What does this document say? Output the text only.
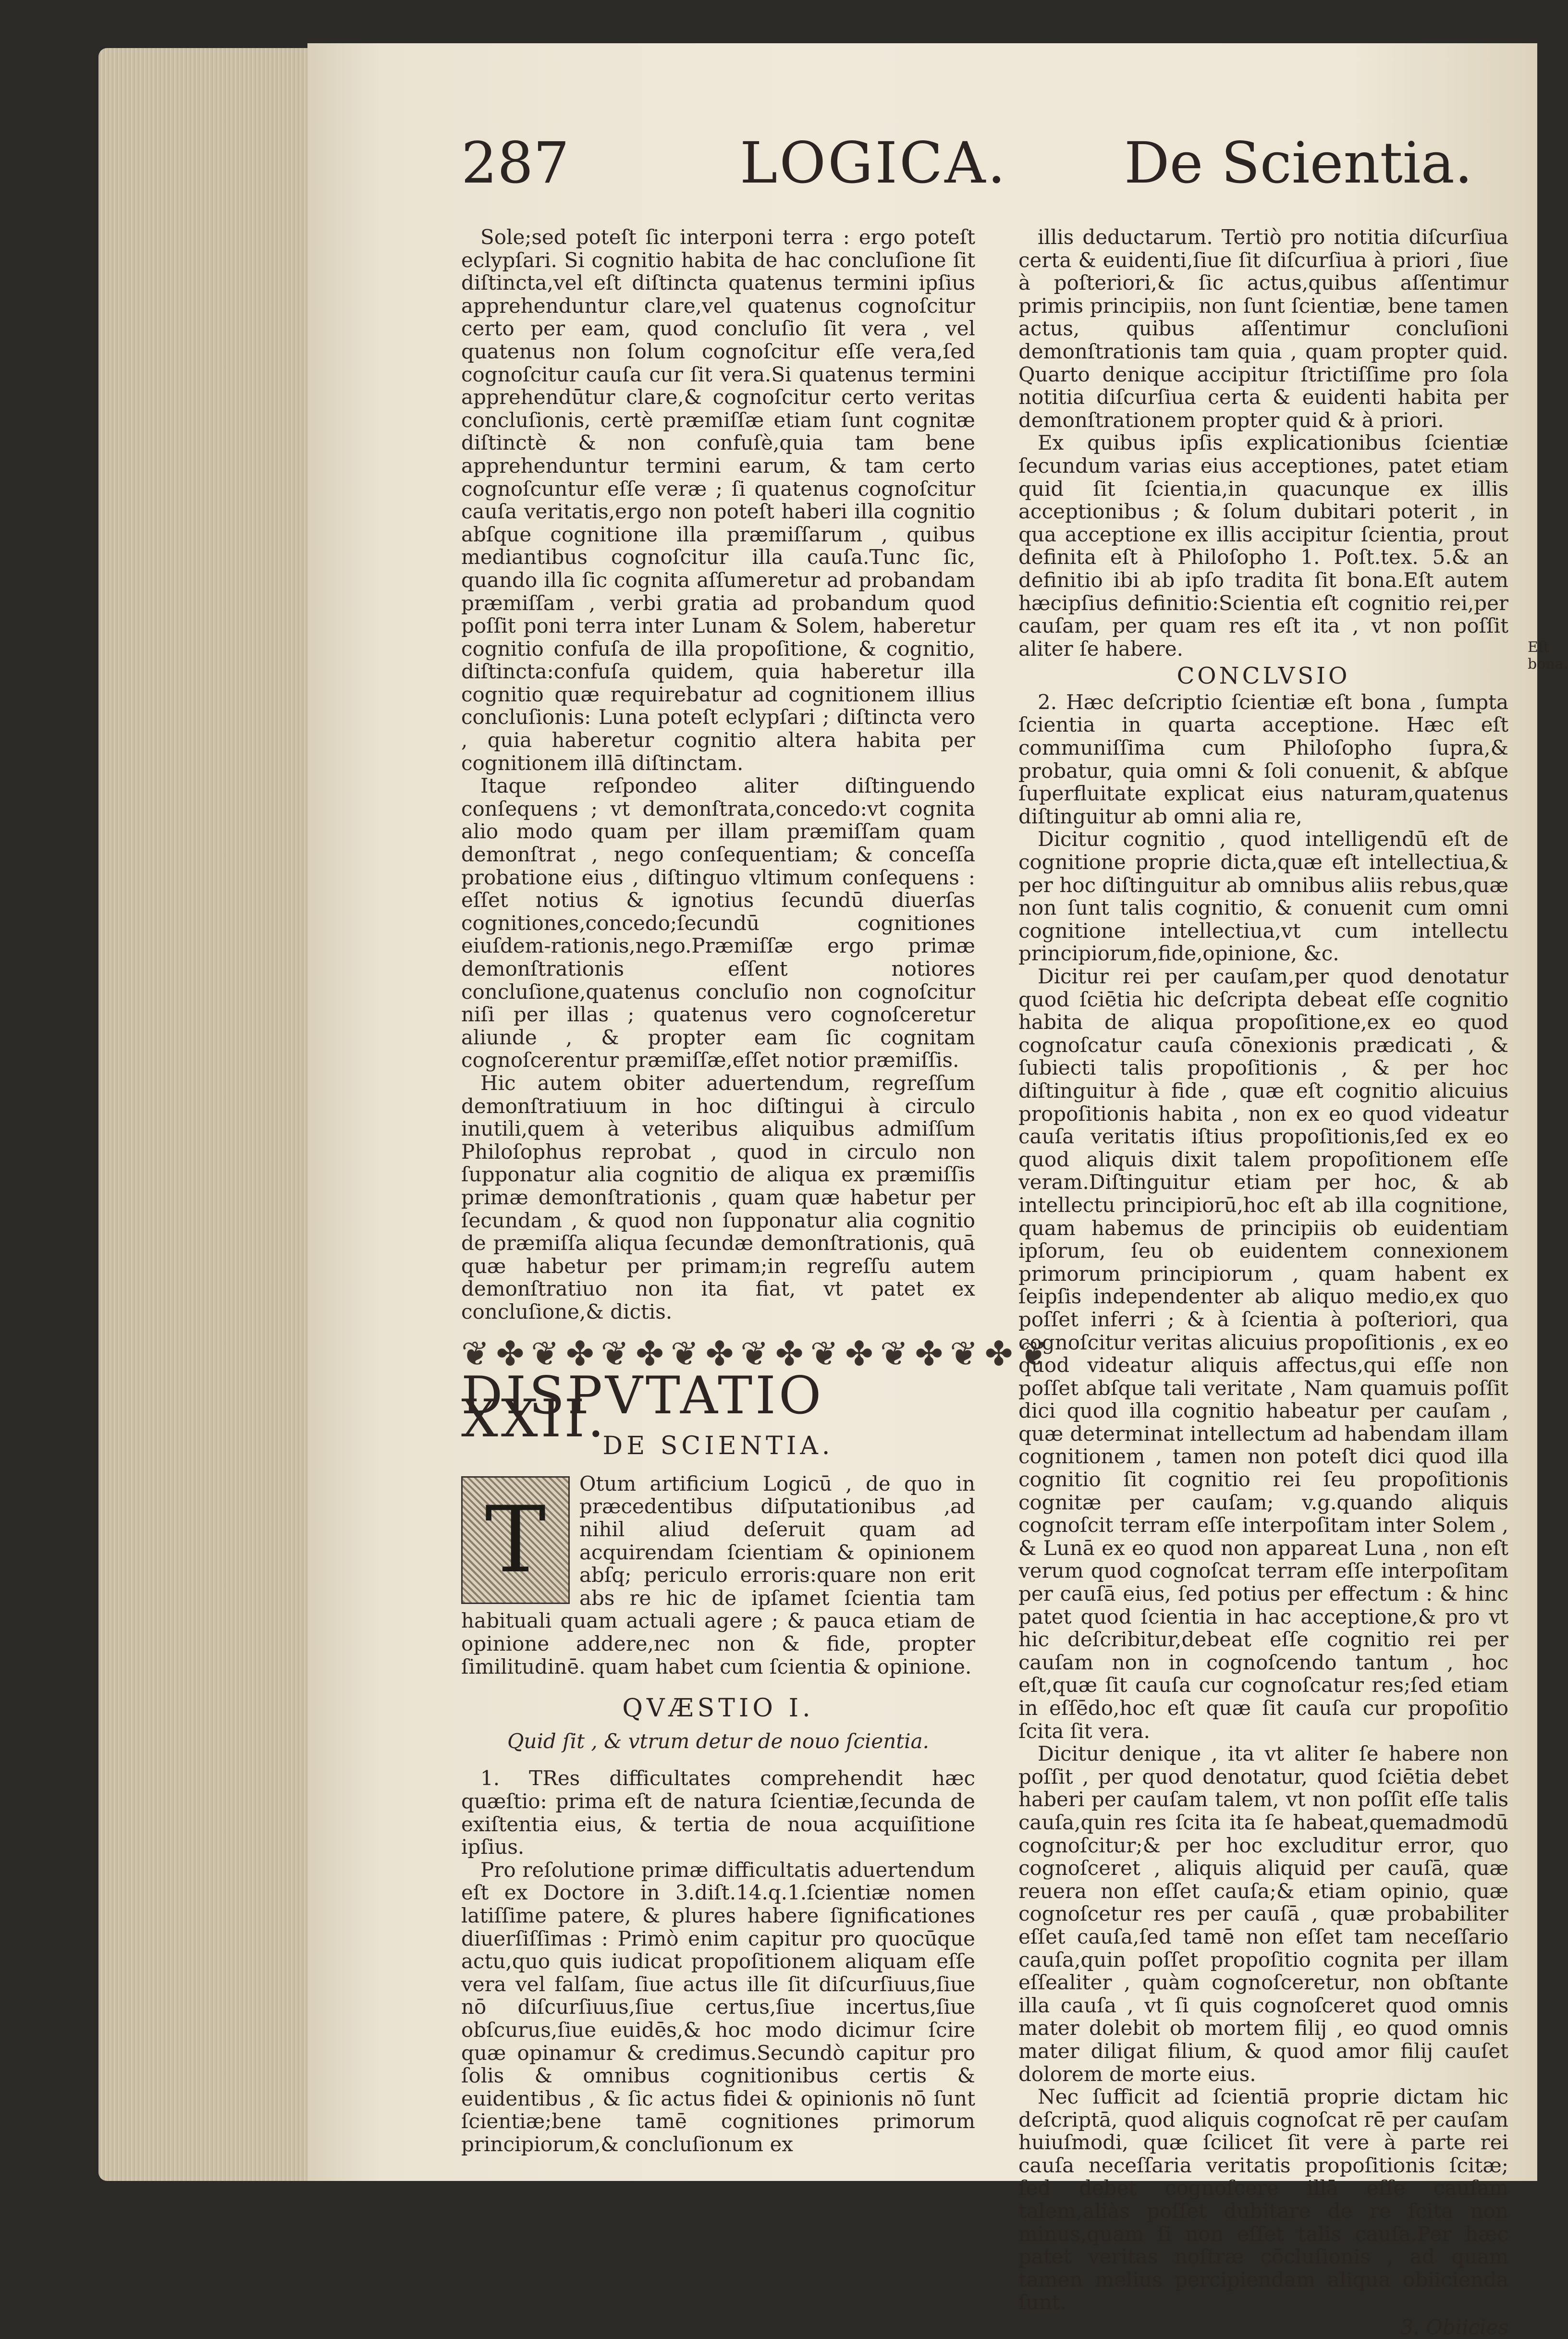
287	LOGICA. De Scientia.

Sole;sed poteſt ſic interponi terra : ergo poteſt eclypſari. Si cognitio habita de hac concluſione ſit diſtincta,vel eſt diſtincta quatenus termini ipſius apprehenduntur clare,vel quatenus cognoſcitur certo per eam, quod concluſio ſit vera , vel quatenus non ſolum cognoſcitur eſſe vera,ſed cognoſcitur cauſa cur ſit vera.Si quatenus termini apprehendūtur clare,& cognoſcitur certo veritas concluſionis, certè præmiſſæ etiam ſunt cognitæ diſtinctè & non confuſè,quia tam bene apprehenduntur termini earum, & tam certo cognoſcuntur eſſe veræ ; ſi quatenus cognoſcitur cauſa veritatis,ergo non poteſt haberi illa cognitio abſque cognitione illa præmiſſarum , quibus mediantibus cognoſcitur illa cauſa.Tunc ſic, quando illa ſic cognita aſſumeretur ad probandam præmiſſam , verbi gratia ad probandum quod poſſit poni terra inter Lunam & Solem, haberetur cognitio confuſa de illa propoſitione, & cognitio, diſtincta:confuſa quidem, quia haberetur illa cognitio quæ requirebatur ad cognitionem illius concluſionis: Luna poteſt eclypſari ; diſtincta vero , quia haberetur cognitio altera habita per cognitionem illā diſtinctam.

Itaque reſpondeo aliter diſtinguendo conſequens ; vt demonſtrata,concedo:vt cognita alio modo quam per illam præmiſſam quam demonſtrat , nego conſequentiam; & conceſſa probatione eius , diſtinguo vltimum conſequens : eſſet notius & ignotius ſecundū diuerſas cognitiones,concedo;ſecundū cognitiones eiuſdem-rationis,nego.Præmiſſæ ergo primæ demonſtrationis eſſent notiores concluſione,quatenus concluſio non cognoſcitur niſi per illas ; quatenus vero cognoſceretur aliunde , & propter eam ſic cognitam cognoſcerentur præmiſſæ,eſſet notior præmiſſis.

Hic autem obiter aduertendum, regreſſum demonſtratiuum in hoc diſtingui à circulo inutili,quem à veteribus aliquibus admiſſum Philoſophus reprobat , quod in circulo non ſupponatur alia cognitio de aliqua ex præmiſſis primæ demonſtrationis , quam quæ habetur per ſecundam , & quod non ſupponatur alia cognitio de præmiſſa aliqua ſecundæ demonſtrationis, quā quæ habetur per primam;in regreſſu autem demonſtratiuo non ita fiat, vt patet ex concluſione,& dictis.

❦✤❦✤❦✤❦✤❦✤❦✤❦✤❦✤❦
DISPVTATIO XXII.
DE SCIENTIA.
T
Otum artificium Logicū , de quo in præcedentibus diſputationibus ,ad nihil aliud deſeruit quam ad acquirendam ſcientiam & opinionem abſq; periculo erroris:quare non erit abs re hic de ipſamet ſcientia tam habituali quam actuali agere ; & pauca etiam de opinione addere,nec non & fide, propter ſimilitudinē. quam habet cum ſcientia & opinione.
QVÆSTIO I.
Quid ſit , & vtrum detur de nouo ſcientia.

1. TRes difficultates comprehendit hæc quæſtio: prima eſt de natura ſcientiæ,ſecunda de exiſtentia eius, & tertia de noua acquiſitione ipſius.

Pro reſolutione primæ difficultatis aduertendum eſt ex Doctore in 3.diſt.14.q.1.ſcientiæ nomen latiſſime patere, & plures habere ſignificationes diuerſiſſimas : Primò enim capitur pro quocūque actu,quo quis iudicat propoſitionem aliquam eſſe vera vel falſam, ſiue actus ille ſit diſcurſiuus,ſiue nō diſcurſiuus,ſiue certus,ſiue incertus,ſiue obſcurus,ſiue euidēs,& hoc modo dicimur ſcire quæ opinamur & credimus.Secundò capitur pro ſolis & omnibus cognitionibus certis & euidentibus , & ſic actus fidei & opinionis nō ſunt ſcientiæ;bene tamē cognitiones primorum principiorum,& concluſionum ex

illis deductarum. Tertiò pro notitia diſcurſiua certa & euidenti,ſiue ſit diſcurſiua à priori , ſiue à poſteriori,& ſic actus,quibus aſſentimur primis principiis, non ſunt ſcientiæ, bene tamen actus, quibus aſſentimur concluſioni demonſtrationis tam quia , quam propter quid. Quarto denique accipitur ſtrictiſſime pro ſola notitia diſcurſiua certa & euidenti habita per demonſtrationem propter quid & à priori.

Ex quibus ipſis explicationibus ſcientiæ ſecundum varias eius acceptiones, patet etiam quid ſit ſcientia,in quacunque ex illis acceptionibus ; & ſolum dubitari poterit , in qua acceptione ex illis accipitur ſcientia, prout definita eſt à Philoſopho 1. Poſt.tex. 5.& an definitio ibi ab ipſo tradita ſit bona.Eſt autem hæcipſius definitio:Scientia eſt cognitio rei,per cauſam, per quam res eſt ita , vt non poſſit aliter ſe habere.

CONCLVSIO

2. Hæc deſcriptio ſcientiæ eſt bona , ſumpta ſcientia in quarta acceptione. Hæc eſt communiſſima cum Philoſopho ſupra,& probatur, quia omni & ſoli conuenit, & abſque ſuperfluitate explicat eius naturam,quatenus diſtinguitur ab omni alia re,

Dicitur cognitio , quod intelligendū eſt de cognitione proprie dicta,quæ eſt intellectiua,& per hoc diſtinguitur ab omnibus aliis rebus,quæ non ſunt talis cognitio, & conuenit cum omni cognitione intellectiua,vt cum intellectu principiorum,fide,opinione, &c.

Dicitur rei per cauſam,per quod denotatur quod ſciētia hic deſcripta debeat eſſe cognitio habita de aliqua propoſitione,ex eo quod cognoſcatur cauſa cōnexionis prædicati , & ſubiecti talis propoſitionis , & per hoc diſtinguitur à fide , quæ eſt cognitio alicuius propoſitionis habita , non ex eo quod videatur cauſa veritatis iſtius propoſitionis,ſed ex eo quod aliquis dixit talem propoſitionem eſſe veram.Diſtinguitur etiam per hoc, & ab intellectu principiorū,hoc eſt ab illa cognitione, quam habemus de principiis ob euidentiam ipſorum, ſeu ob euidentem connexionem primorum principiorum , quam habent ex ſeipſis independenter ab aliquo medio,ex quo poſſet inferri ; & à ſcientia à poſteriori, qua cognoſcitur veritas alicuius propoſitionis , ex eo quod videatur aliquis affectus,qui eſſe non poſſet abſque tali veritate , Nam quamuis poſſit dici quod illa cognitio habeatur per cauſam , quæ determinat intellectum ad habendam illam cognitionem , tamen non poteſt dici quod illa cognitio ſit cognitio rei ſeu propoſitionis cognitæ per cauſam; v.g.quando aliquis cognoſcit terram eſſe interpoſitam inter Solem , & Lunā ex eo quod non appareat Luna , non eſt verum quod cognoſcat terram eſſe interpoſitam per cauſā eius, ſed potius per effectum : & hinc patet quod ſcientia in hac acceptione,& pro vt hic deſcribitur,debeat eſſe cognitio rei per cauſam non in cognoſcendo tantum , hoc eſt,quæ ſit cauſa cur cognoſcatur res;ſed etiam in eſſēdo,hoc eſt quæ ſit cauſa cur propoſitio ſcita ſit vera.

Dicitur denique , ita vt aliter ſe habere non poſſit , per quod denotatur, quod ſciētia debet haberi per cauſam talem, vt non poſſit eſſe talis cauſa,quin res ſcita ita ſe habeat,quemadmodū cognoſcitur;& per hoc excluditur error, quo cognoſceret , aliquis aliquid per cauſā, quæ reuera non eſſet cauſa;& etiam opinio, quæ cognoſcetur res per cauſā , quæ probabiliter eſſet cauſa,ſed tamē non eſſet tam neceſſario cauſa,quin poſſet propoſitio cognita per illam eſſealiter , quàm cognoſceretur, non obſtante illa cauſa , vt ſi quis cognoſceret quod omnis mater dolebit ob mortem filij , eo quod omnis mater diligat filium, & quod amor filij cauſet dolorem de morte eius.

Nec ſufficit ad ſcientiā proprie dictam hic deſcriptā, quod aliquis cognoſcat rē per cauſam huiuſmodi, quæ ſcilicet ſit vere à parte rei cauſa neceſſaria veritatis propoſitionis ſcitæ; ſed debet cognoſcere illā eſſe cauſam talem,aliàs poſſet dubitare de re ſcita non minus,quam ſi non eſſet talis cauſa.Per hæc patet veritas noſtræ cōcluſionis , ad quam tamen melius percipiendam aliqua obiicienda ſunt.

3. Obiicies
Eſt bona.
